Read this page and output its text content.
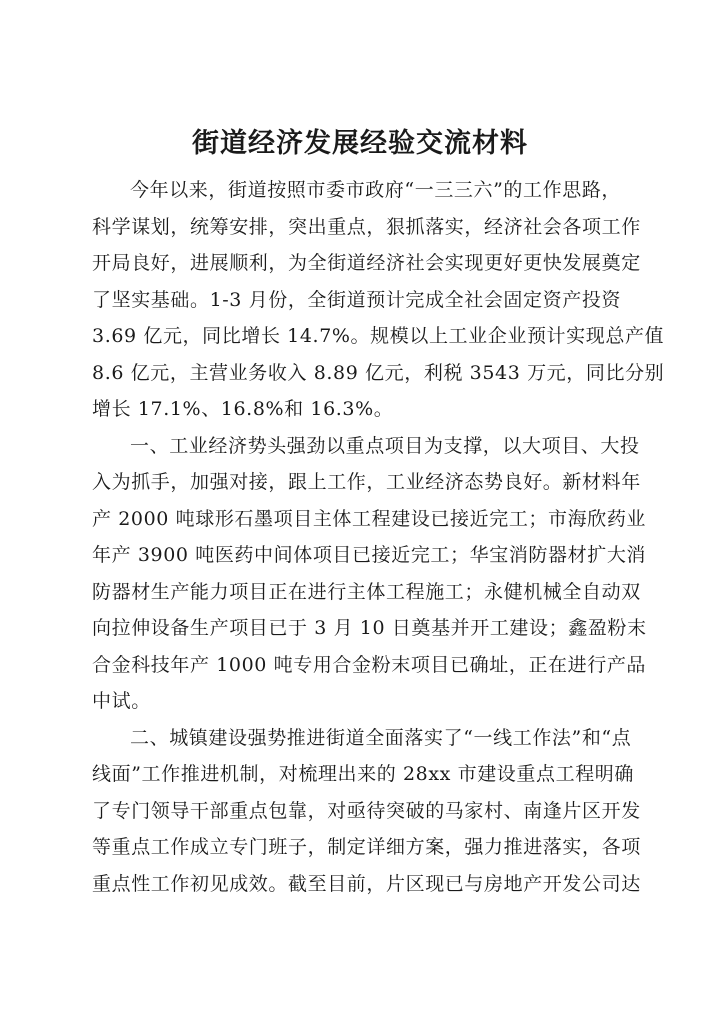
街道经济发展经验交流材料
今年以来，街道按照市委市政府“一三三六”的工作思路，
科学谋划，统筹安排，突出重点，狠抓落实，经济社会各项工作
开局良好，进展顺利，为全街道经济社会实现更好更快发展奠定
了坚实基础。1-3 月份，全街道预计完成全社会固定资产投资
3.69 亿元，同比增长 14.7%。规模以上工业企业预计实现总产值
8.6 亿元，主营业务收入 8.89 亿元，利税 3543 万元，同比分别
增长 17.1%、16.8%和 16.3%。
一、工业经济势头强劲以重点项目为支撑，以大项目、大投
入为抓手，加强对接，跟上工作，工业经济态势良好。新材料年
产 2000 吨球形石墨项目主体工程建设已接近完工；市海欣药业
年产 3900 吨医药中间体项目已接近完工；华宝消防器材扩大消
防器材生产能力项目正在进行主体工程施工；永健机械全自动双
向拉伸设备生产项目已于 3 月 10 日奠基并开工建设；鑫盈粉末
合金科技年产 1000 吨专用合金粉末项目已确址，正在进行产品
中试。
二、城镇建设强势推进街道全面落实了“一线工作法”和“点
线面”工作推进机制，对梳理出来的 28xx 市建设重点工程明确
了专门领导干部重点包靠，对亟待突破的马家村、南逢片区开发
等重点工作成立专门班子，制定详细方案，强力推进落实，各项
重点性工作初见成效。截至目前，片区现已与房地产开发公司达
